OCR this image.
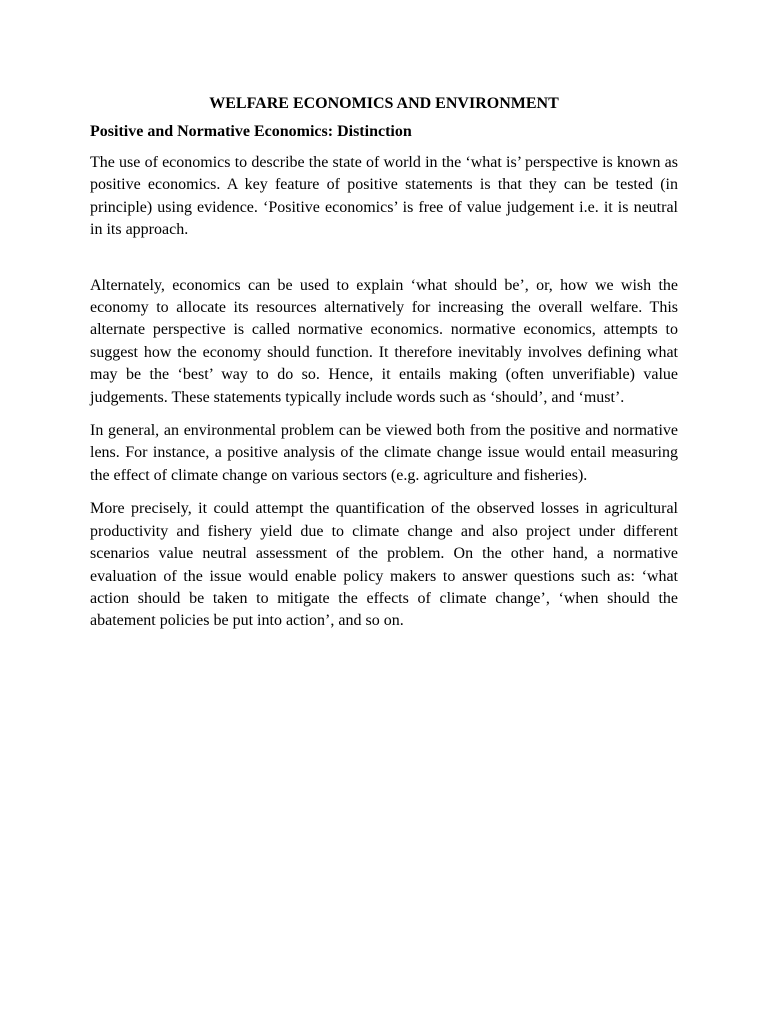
WELFARE ECONOMICS AND ENVIRONMENT
Positive and Normative Economics: Distinction

The use of economics to describe the state of world in the ‘what is’ perspective is known as positive economics. A key feature of positive statements is that they can be tested (in principle) using evidence. ‘Positive economics’ is free of value judgement i.e. it is neutral in its approach.

Alternately, economics can be used to explain ‘what should be’, or, how we wish the economy to allocate its resources alternatively for increasing the overall welfare. This alternate perspective is called normative economics. normative economics, attempts to suggest how the economy should function. It therefore inevitably involves defining what may be the ‘best’ way to do so. Hence, it entails making (often unverifiable) value judgements. These statements typically include words such as ‘should’, and ‘must’.

In general, an environmental problem can be viewed both from the positive and normative lens. For instance, a positive analysis of the climate change issue would entail measuring the effect of climate change on various sectors (e.g. agriculture and fisheries).

More precisely, it could attempt the quantification of the observed losses in agricultural productivity and fishery yield due to climate change and also project under different scenarios value neutral assessment of the problem. On the other hand, a normative evaluation of the issue would enable policy makers to answer questions such as: ‘what action should be taken to mitigate the effects of climate change’, ‘when should the abatement policies be put into action’, and so on.
